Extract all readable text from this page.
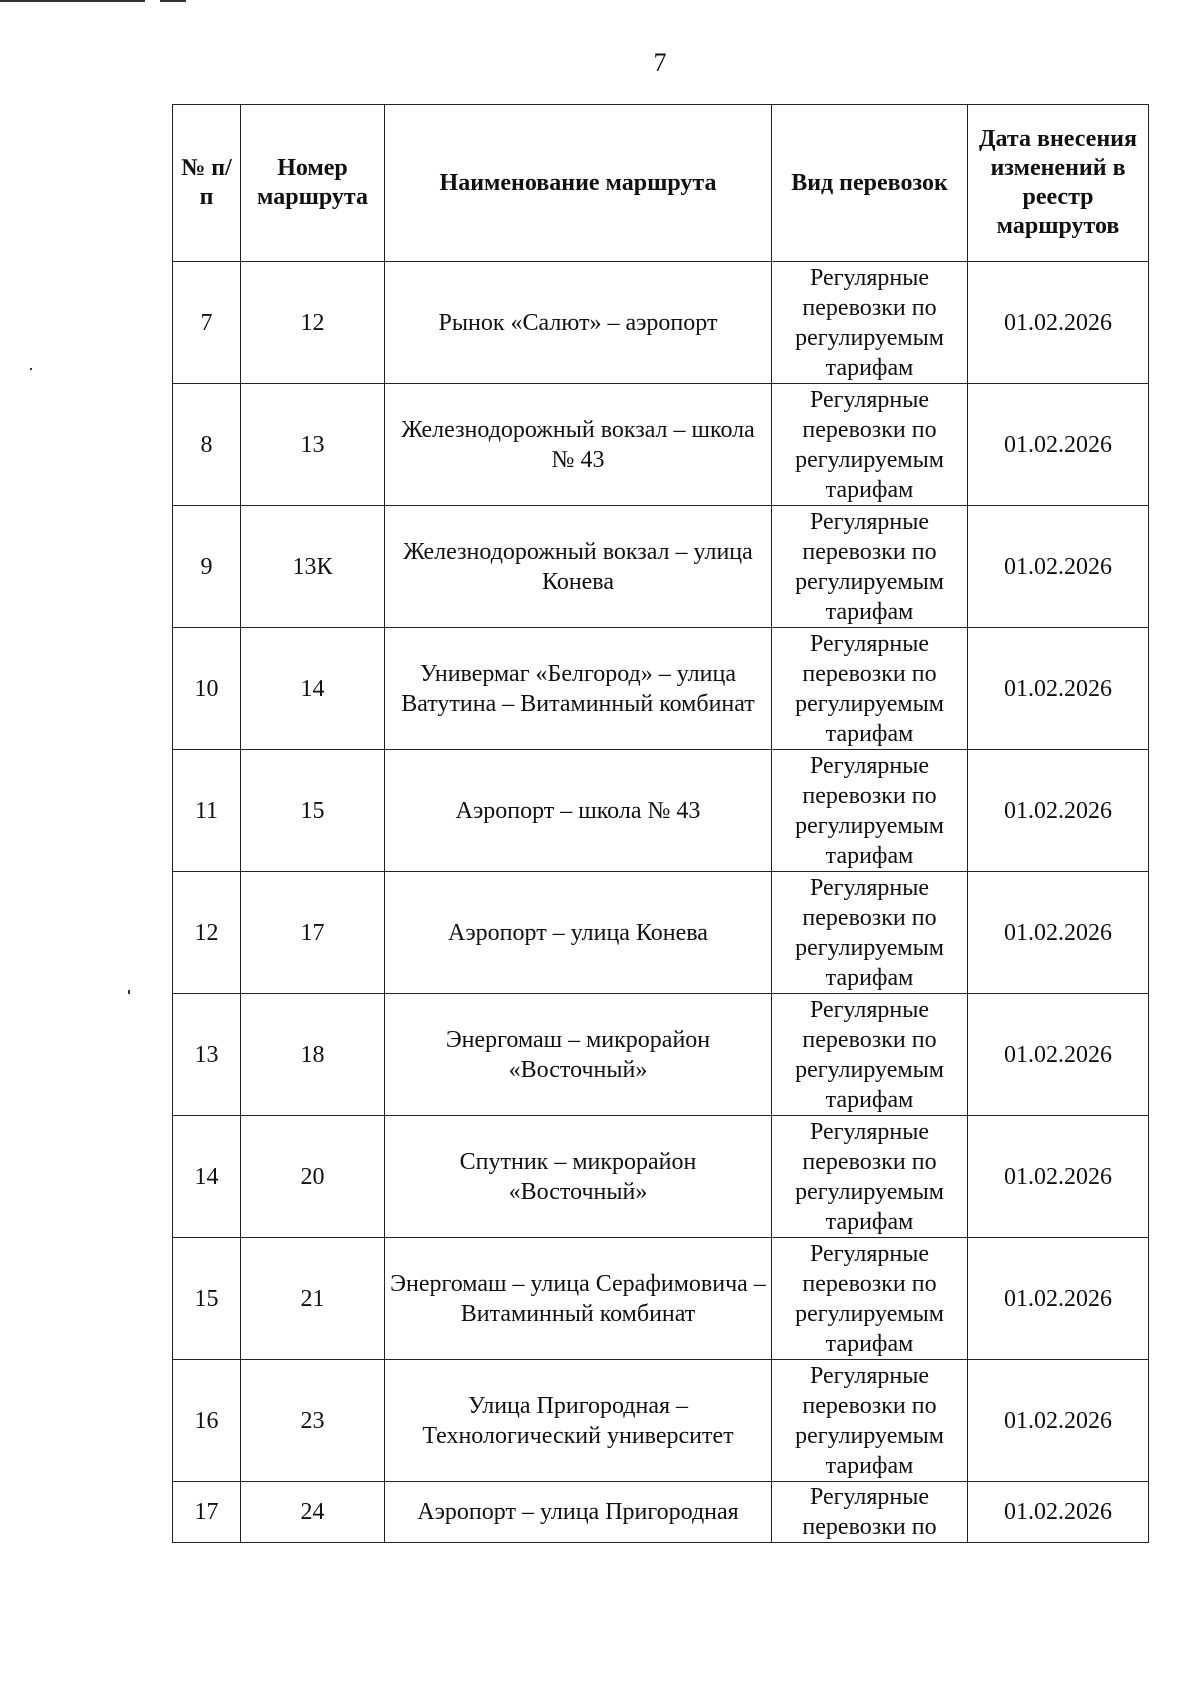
7
№ п/п	Номер маршрута	Наименование маршрута	Вид перевозок	Дата внесения изменений в реестр маршрутов
7	12	Рынок «Салют» – аэропорт	Регулярные перевозки по регулируемым тарифам	01.02.2026
8	13	Железнодорожный вокзал – школа № 43	Регулярные перевозки по регулируемым тарифам	01.02.2026
9	13К	Железнодорожный вокзал – улица Конева	Регулярные перевозки по регулируемым тарифам	01.02.2026
10	14	Универмаг «Белгород» – улица Ватутина – Витаминный комбинат	Регулярные перевозки по регулируемым тарифам	01.02.2026
11	15	Аэропорт – школа № 43	Регулярные перевозки по регулируемым тарифам	01.02.2026
12	17	Аэропорт – улица Конева	Регулярные перевозки по регулируемым тарифам	01.02.2026
13	18	Энергомаш – микрорайон «Восточный»	Регулярные перевозки по регулируемым тарифам	01.02.2026
14	20	Спутник – микрорайон «Восточный»	Регулярные перевозки по регулируемым тарифам	01.02.2026
15	21	Энергомаш – улица Серафимовича – Витаминный комбинат	Регулярные перевозки по регулируемым тарифам	01.02.2026
16	23	Улица Пригородная – Технологический университет	Регулярные перевозки по регулируемым тарифам	01.02.2026
17	24	Аэропорт – улица Пригородная	Регулярные перевозки по	01.02.2026
